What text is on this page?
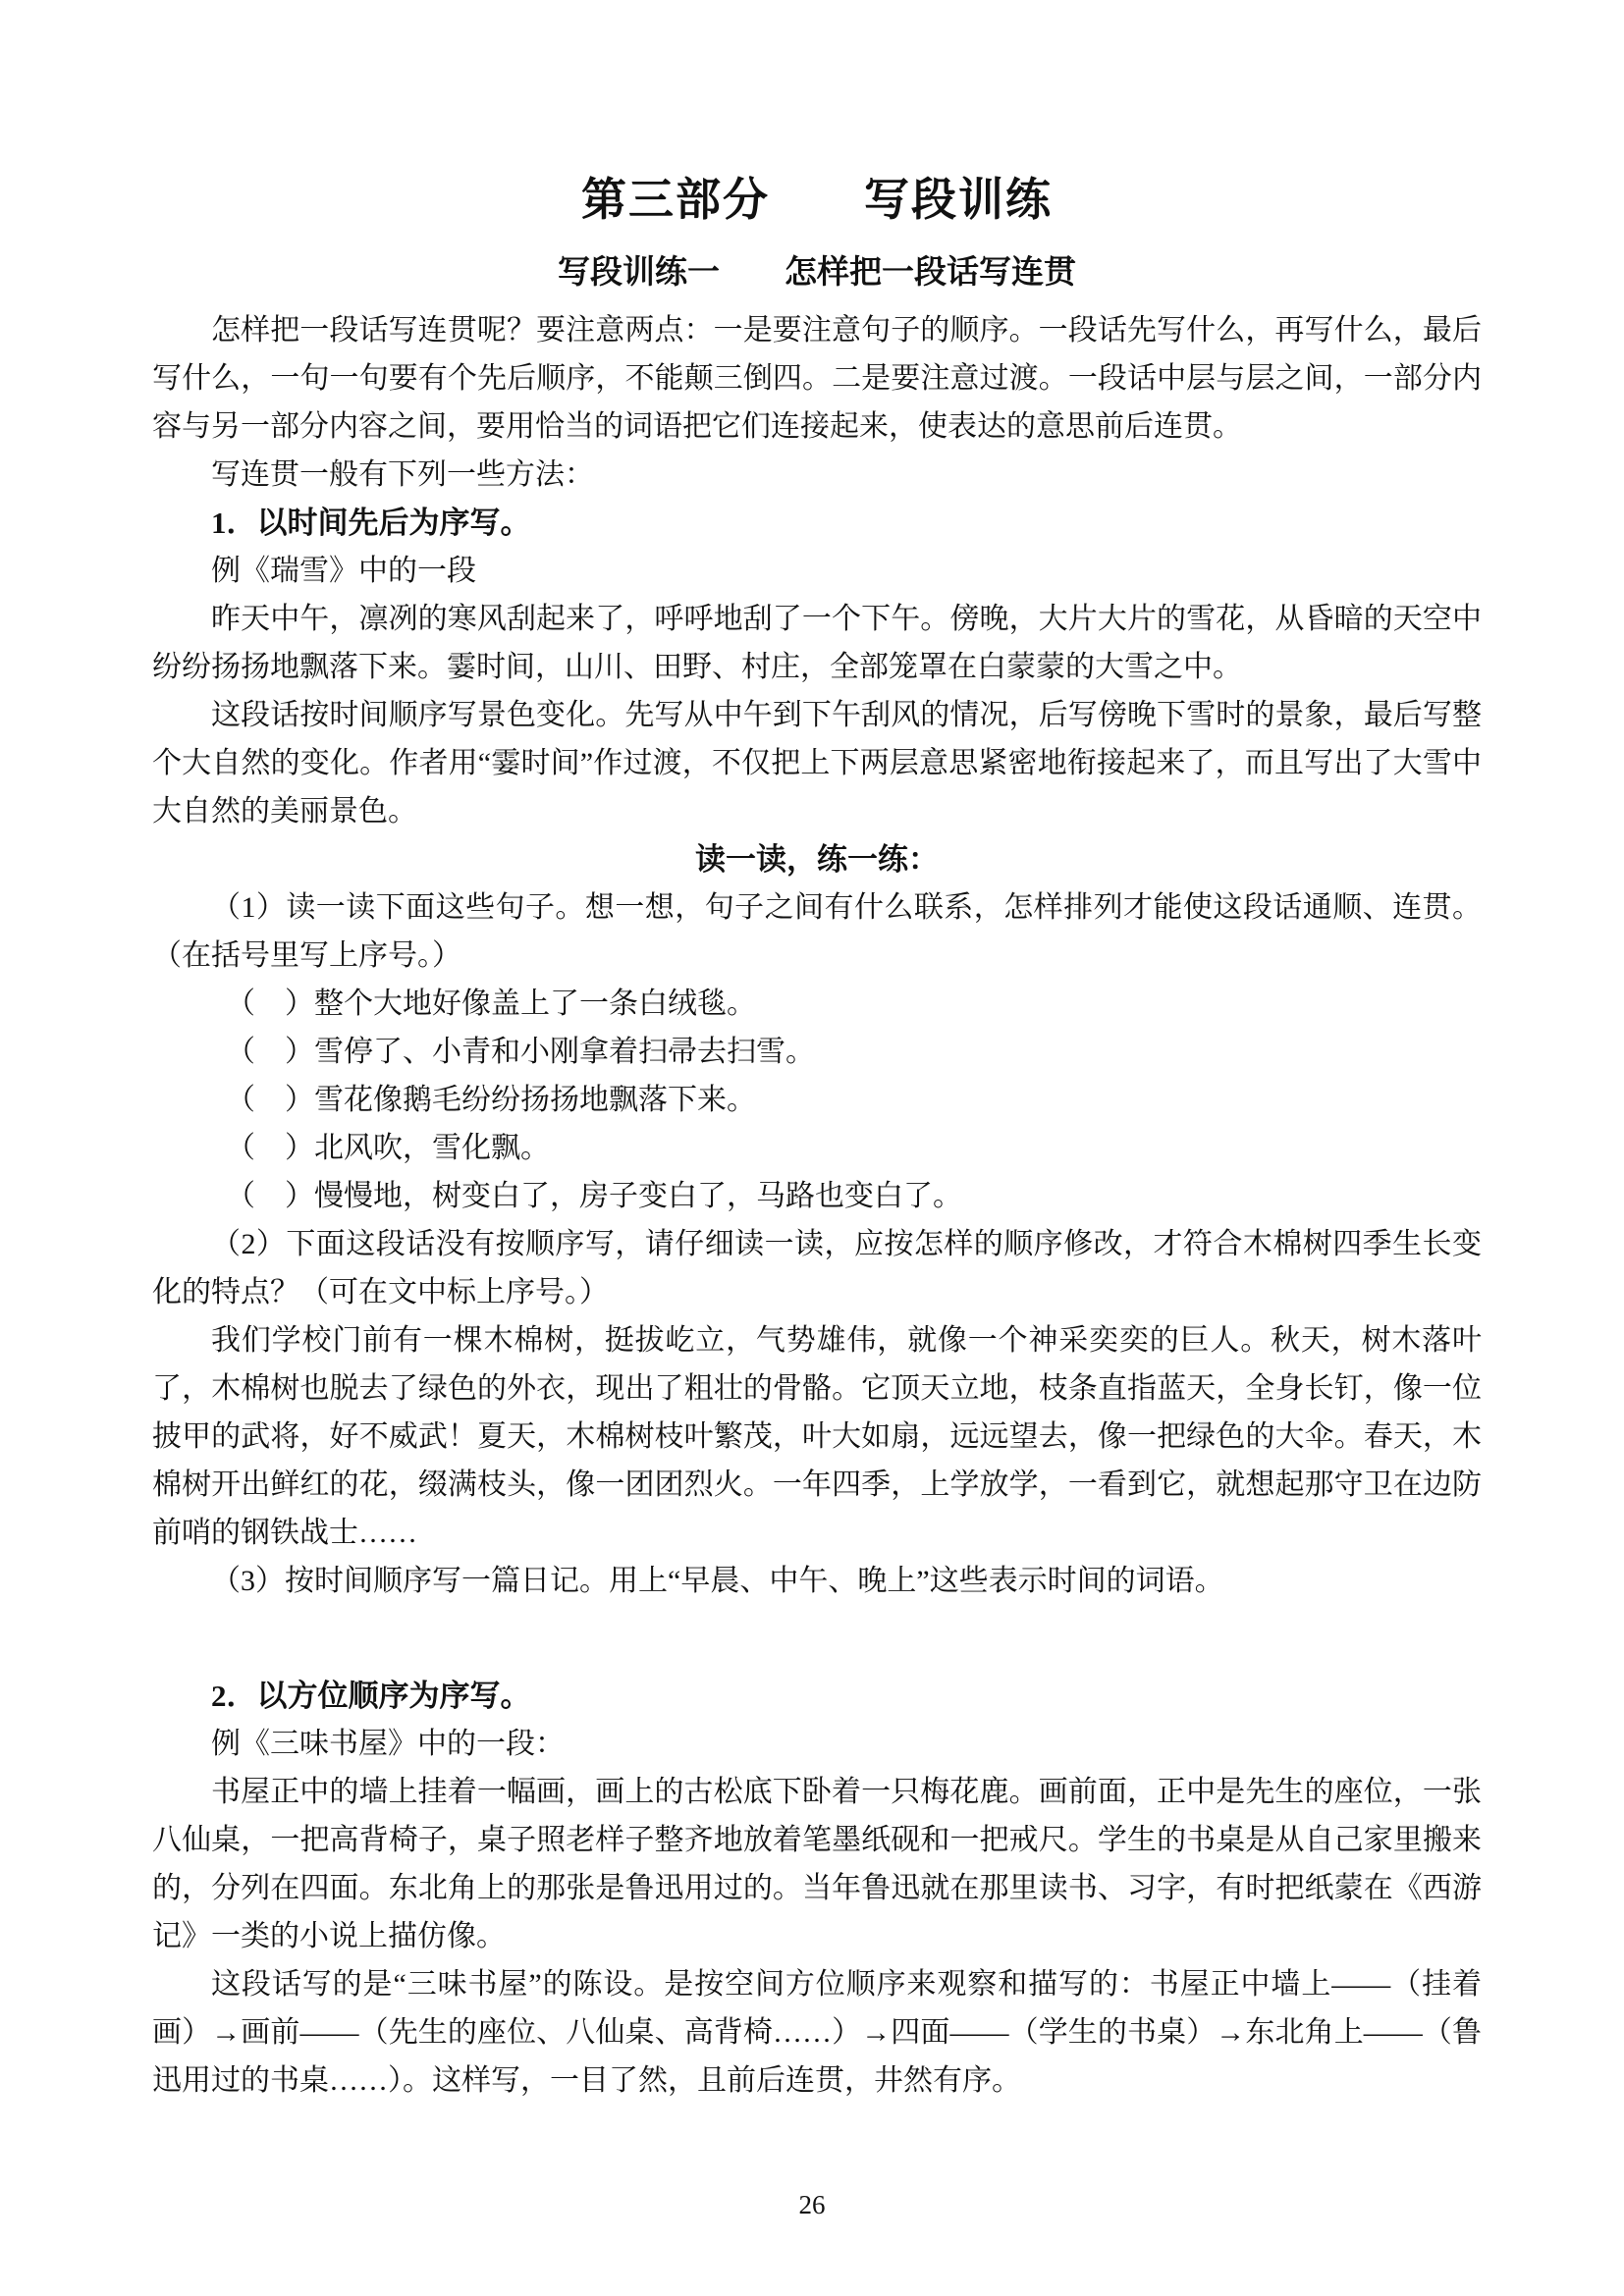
第三部分　　写段训练
写段训练一　　怎样把一段话写连贯

怎样把一段话写连贯呢？要注意两点：一是要注意句子的顺序。一段话先写什么，再写什么，最后写什么，一句一句要有个先后顺序，不能颠三倒四。二是要注意过渡。一段话中层与层之间，一部分内容与另一部分内容之间，要用恰当的词语把它们连接起来，使表达的意思前后连贯。

写连贯一般有下列一些方法：

1．以时间先后为序写。

例《瑞雪》中的一段

昨天中午，凛冽的寒风刮起来了，呼呼地刮了一个下午。傍晚，大片大片的雪花，从昏暗的天空中纷纷扬扬地飘落下来。霎时间，山川、田野、村庄，全部笼罩在白蒙蒙的大雪之中。

这段话按时间顺序写景色变化。先写从中午到下午刮风的情况，后写傍晚下雪时的景象，最后写整个大自然的变化。作者用“霎时间”作过渡，不仅把上下两层意思紧密地衔接起来了，而且写出了大雪中大自然的美丽景色。

读一读，练一练：

（1）读一读下面这些句子。想一想，句子之间有什么联系，怎样排列才能使这段话通顺、连贯。（在括号里写上序号。）

（　）整个大地好像盖上了一条白绒毯。

（　）雪停了、小青和小刚拿着扫帚去扫雪。

（　）雪花像鹅毛纷纷扬扬地飘落下来。

（　）北风吹，雪化飘。

（　）慢慢地，树变白了，房子变白了，马路也变白了。

（2）下面这段话没有按顺序写，请仔细读一读，应按怎样的顺序修改，才符合木棉树四季生长变化的特点？（可在文中标上序号。）

我们学校门前有一棵木棉树，挺拔屹立，气势雄伟，就像一个神采奕奕的巨人。秋天，树木落叶了，木棉树也脱去了绿色的外衣，现出了粗壮的骨骼。它顶天立地，枝条直指蓝天，全身长钉，像一位披甲的武将，好不威武！夏天，木棉树枝叶繁茂，叶大如扇，远远望去，像一把绿色的大伞。春天，木棉树开出鲜红的花，缀满枝头，像一团团烈火。一年四季，上学放学，一看到它，就想起那守卫在边防前哨的钢铁战士……

（3）按时间顺序写一篇日记。用上“早晨、中午、晚上”这些表示时间的词语。

2．以方位顺序为序写。

例《三味书屋》中的一段：

书屋正中的墙上挂着一幅画，画上的古松底下卧着一只梅花鹿。画前面，正中是先生的座位，一张八仙桌，一把高背椅子，桌子照老样子整齐地放着笔墨纸砚和一把戒尺。学生的书桌是从自己家里搬来的，分列在四面。东北角上的那张是鲁迅用过的。当年鲁迅就在那里读书、习字，有时把纸蒙在《西游记》一类的小说上描仿像。

这段话写的是“三味书屋”的陈设。是按空间方位顺序来观察和描写的：书屋正中墙上——（挂着画）→画前——（先生的座位、八仙桌、高背椅……）→四面——（学生的书桌）→东北角上——（鲁迅用过的书桌……）。这样写，一目了然，且前后连贯，井然有序。

26
